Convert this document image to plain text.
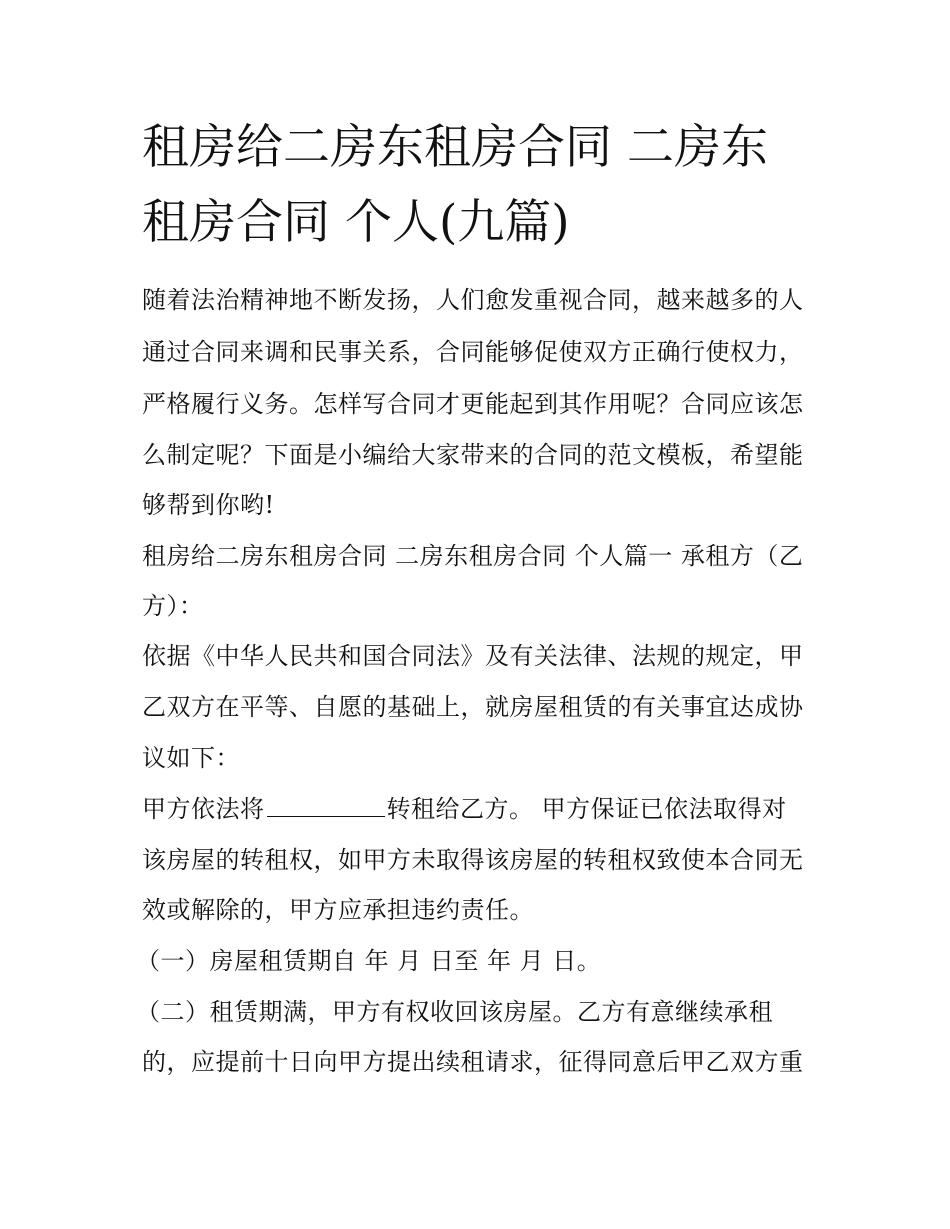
租房给二房东租房合同 二房东
租房合同 个人(九篇)
随着法治精神地不断发扬，人们愈发重视合同，越来越多的人
通过合同来调和民事关系，合同能够促使双方正确行使权力，
严格履行义务。怎样写合同才更能起到其作用呢？合同应该怎
么制定呢？下面是小编给大家带来的合同的范文模板，希望能
够帮到你哟!
租房给二房东租房合同 二房东租房合同 个人篇一 承租方（乙
方）：
依据《中华人民共和国合同法》及有关法律、法规的规定，甲
乙双方在平等、自愿的基础上，就房屋租赁的有关事宜达成协
议如下：
甲方依法将	转租给乙方。 甲方保证已依法取得对
该房屋的转租权，如甲方未取得该房屋的转租权致使本合同无
效或解除的，甲方应承担违约责任。
（一）房屋租赁期自 年 月 日至 年 月 日。
（二）租赁期满，甲方有权收回该房屋。乙方有意继续承租
的，应提前十日向甲方提出续租请求，征得同意后甲乙双方重
